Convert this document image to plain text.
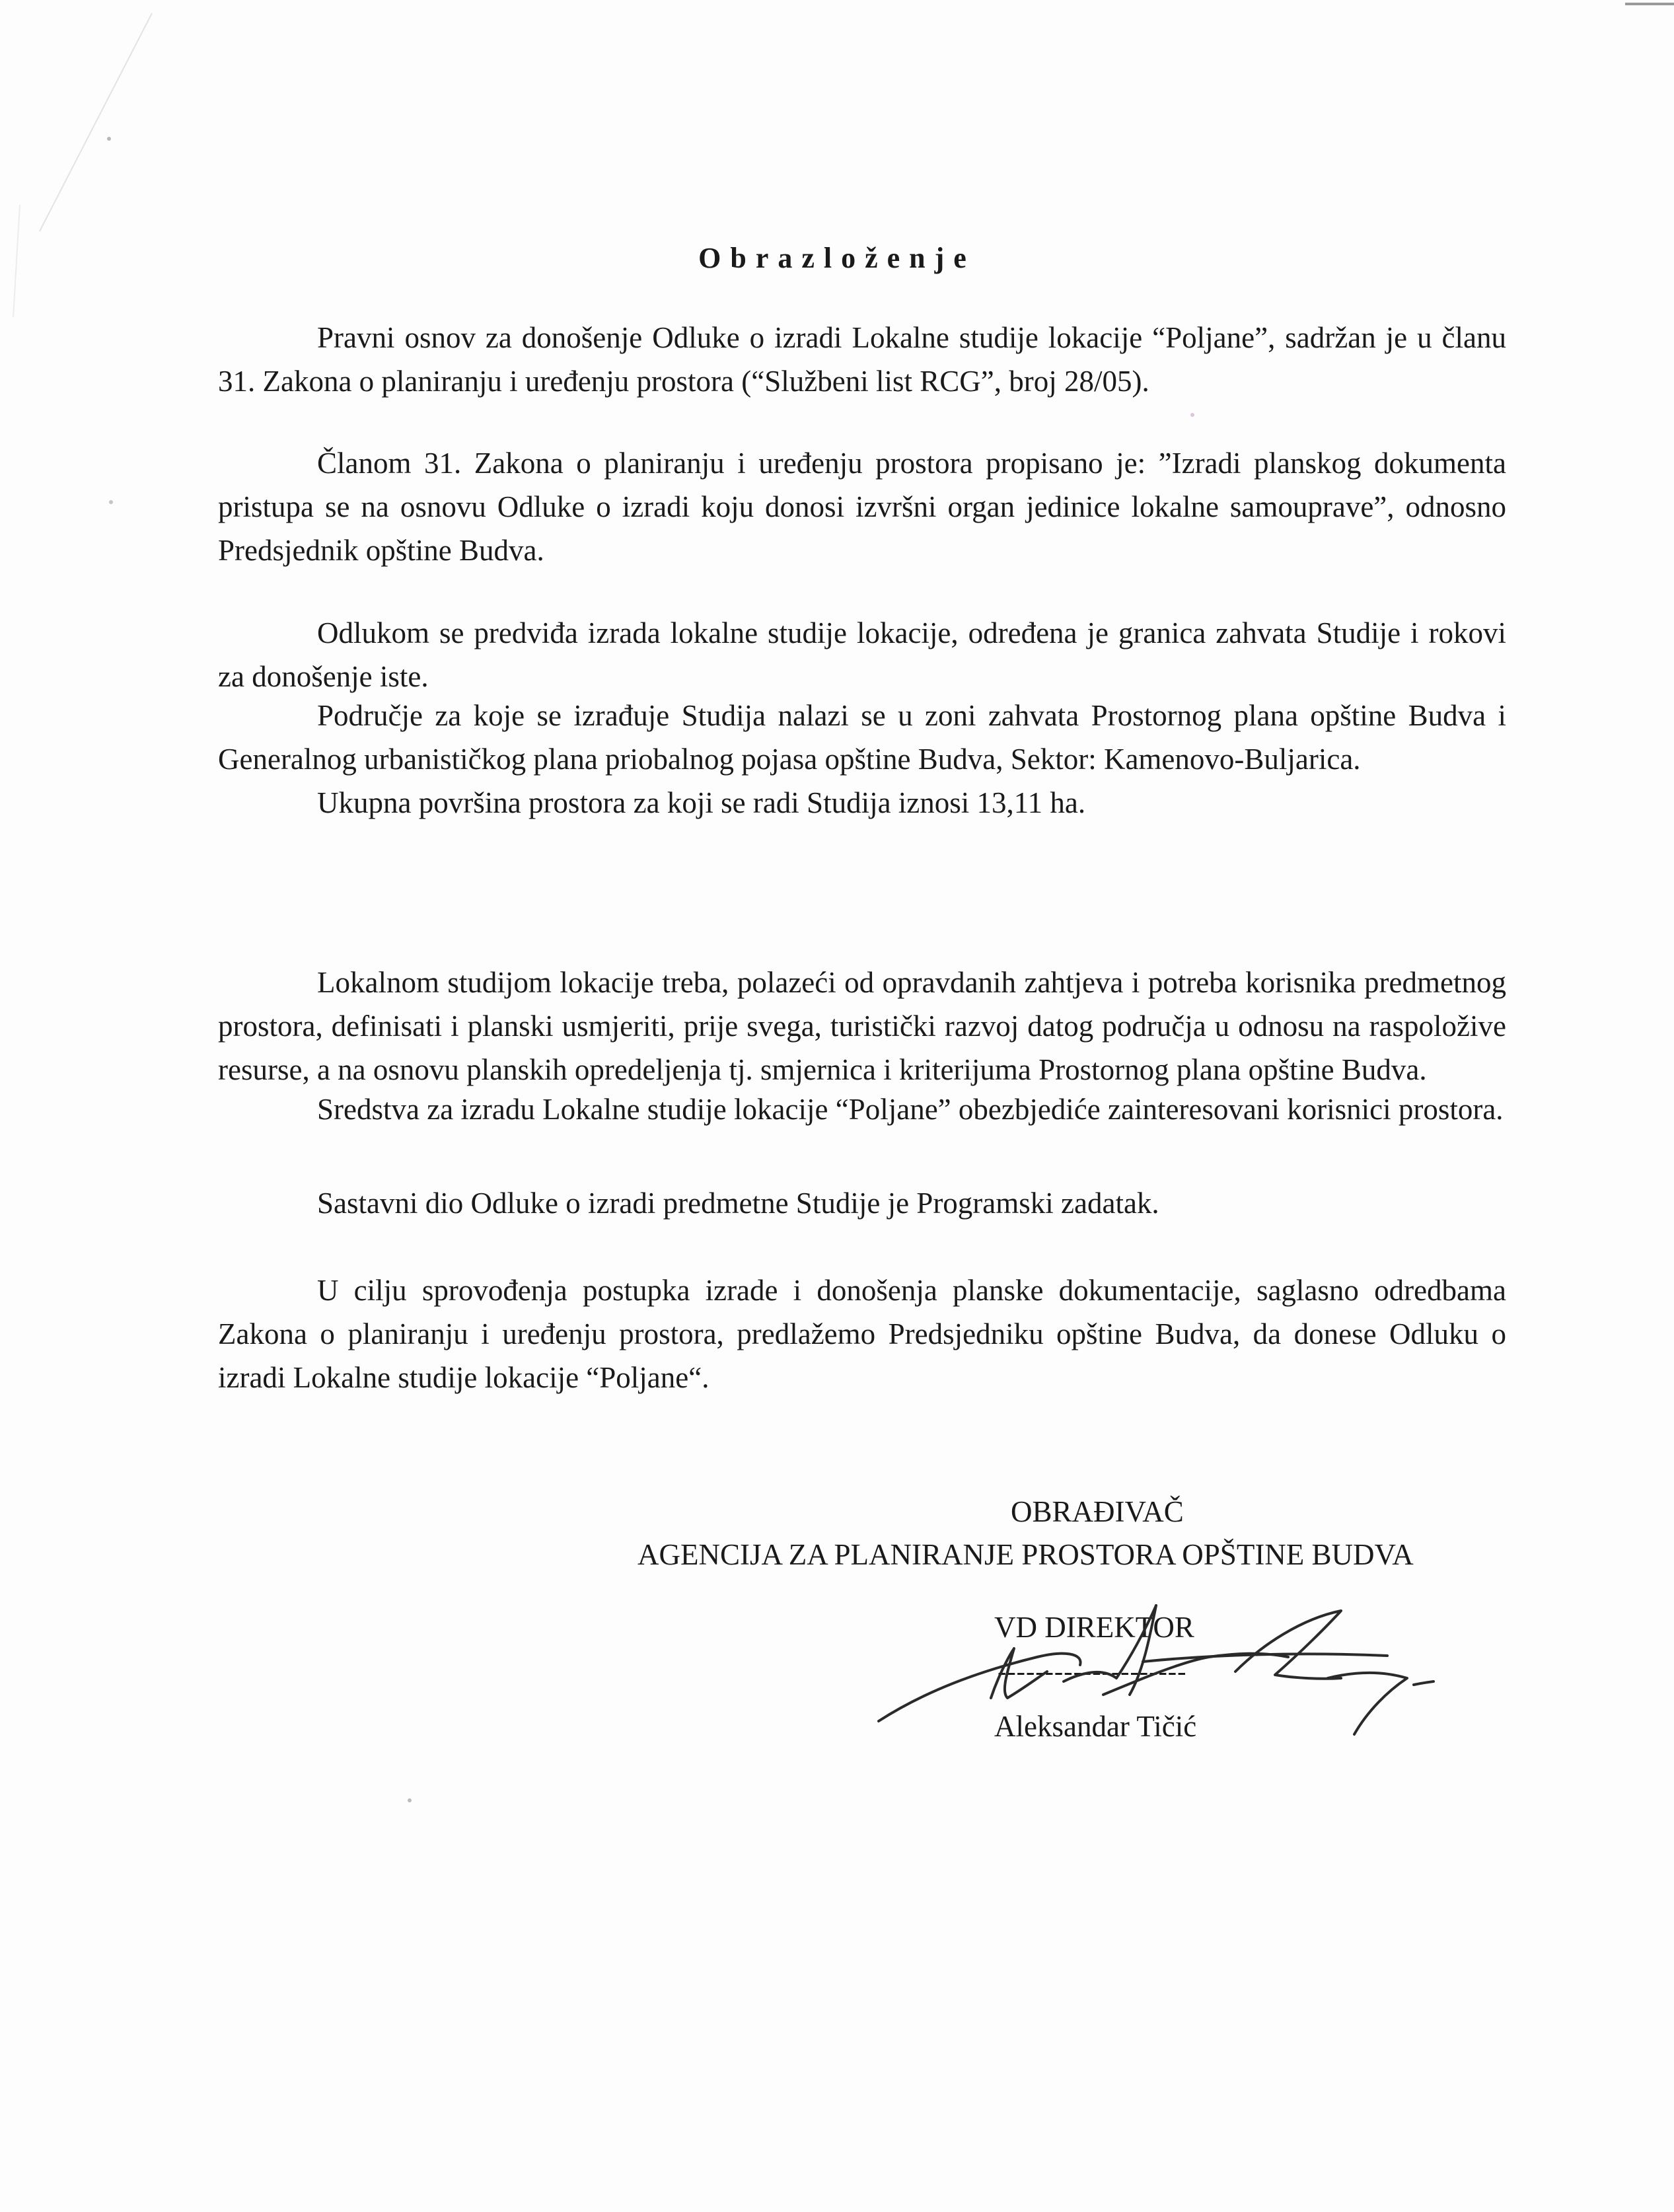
Obrazloženje

Pravni osnov za donošenje Odluke o izradi Lokalne studije lokacije “Poljane”, sadržan je u članu 31. Zakona o planiranju i uređenju prostora (“Službeni list RCG”, broj 28/05).

Članom 31. Zakona o planiranju i uređenju prostora propisano je: ”Izradi planskog dokumenta pristupa se na osnovu Odluke o izradi koju donosi izvršni organ jedinice lokalne samouprave”, odnosno Predsjednik opštine Budva.

Odlukom se predviđa izrada lokalne studije lokacije, određena je granica zahvata Studije i rokovi za donošenje iste.

Područje za koje se izrađuje Studija nalazi se u zoni zahvata Prostornog plana opštine Budva i Generalnog urbanističkog plana priobalnog pojasa opštine Budva, Sektor: Kamenovo-Buljarica.

Ukupna površina prostora za koji se radi Studija iznosi 13,11 ha.

Lokalnom studijom lokacije treba, polazeći od opravdanih zahtjeva i potreba korisnika predmetnog prostora, definisati i planski usmjeriti, prije svega, turistički razvoj datog područja u odnosu na raspoložive resurse, a na osnovu planskih opredeljenja tj. smjernica i kriterijuma Prostornog plana opštine Budva.

Sredstva za izradu Lokalne studije lokacije “Poljane” obezbjediće zainteresovani korisnici prostora.

Sastavni dio Odluke o izradi predmetne Studije je Programski zadatak.

U cilju sprovođenja postupka izrade i donošenja planske dokumentacije, saglasno odredbama Zakona o planiranju i uređenju prostora, predlažemo Predsjedniku opštine Budva, da donese Odluku o izradi Lokalne studije lokacije “Poljane“.

OBRAĐIVAČ
AGENCIJA ZA PLANIRANJE PROSTORA OPŠTINE BUDVA
VD DIREKTOR
--------------------
Aleksandar Tičić
